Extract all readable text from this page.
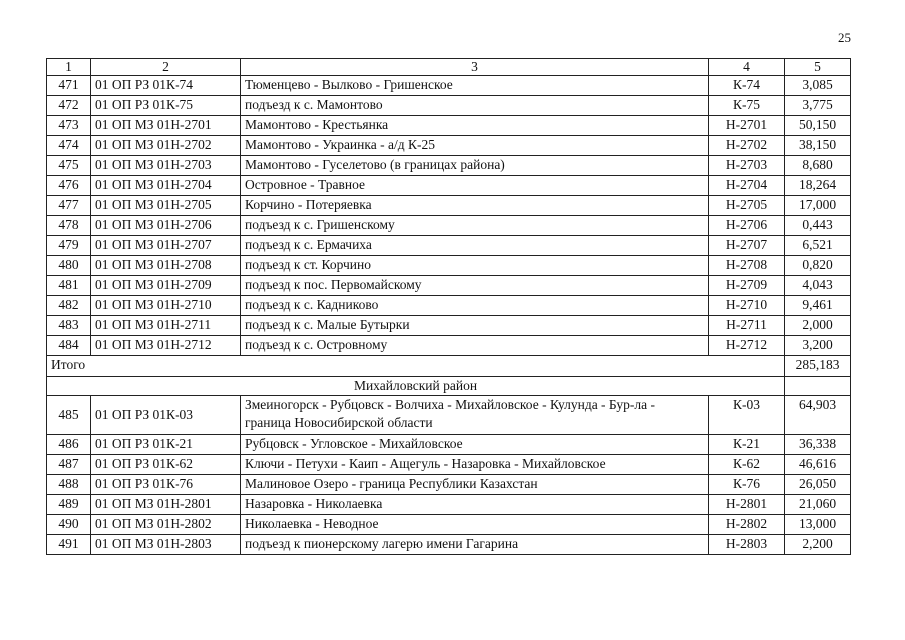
25
1	2	3	4	5
471	01 ОП РЗ 01К-74	Тюменцево - Вылково - Гришенское	К-74	3,085
472	01 ОП РЗ 01К-75	подъезд к с. Мамонтово	К-75	3,775
473	01 ОП МЗ 01Н-2701	Мамонтово - Крестьянка	Н-2701	50,150
474	01 ОП МЗ 01Н-2702	Мамонтово - Украинка - а/д К-25	Н-2702	38,150
475	01 ОП МЗ 01Н-2703	Мамонтово - Гуселетово (в границах района)	Н-2703	8,680
476	01 ОП МЗ 01Н-2704	Островное - Травное	Н-2704	18,264
477	01 ОП МЗ 01Н-2705	Корчино - Потеряевка	Н-2705	17,000
478	01 ОП МЗ 01Н-2706	подъезд к с. Гришенскому	Н-2706	0,443
479	01 ОП МЗ 01Н-2707	подъезд к с. Ермачиха	Н-2707	6,521
480	01 ОП МЗ 01Н-2708	подъезд к ст. Корчино	Н-2708	0,820
481	01 ОП МЗ 01Н-2709	подъезд к пос. Первомайскому	Н-2709	4,043
482	01 ОП МЗ 01Н-2710	подъезд к с. Кадниково	Н-2710	9,461
483	01 ОП МЗ 01Н-2711	подъезд к с. Малые Бутырки	Н-2711	2,000
484	01 ОП МЗ 01Н-2712	подъезд к с. Островному	Н-2712	3,200
Итого				285,183
Михайловский район				
485	01 ОП РЗ 01К-03	Змеиногорск - Рубцовск - Волчиха - Михайловское - Кулунда - Бур-ла - граница Новосибирской области	К-03	64,903
486	01 ОП РЗ 01К-21	Рубцовск - Угловское - Михайловское	К-21	36,338
487	01 ОП РЗ 01К-62	Ключи - Петухи - Каип - Ащегуль - Назаровка - Михайловское	К-62	46,616
488	01 ОП РЗ 01К-76	Малиновое Озеро - граница Республики Казахстан	К-76	26,050
489	01 ОП МЗ 01Н-2801	Назаровка - Николаевка	Н-2801	21,060
490	01 ОП МЗ 01Н-2802	Николаевка - Неводное	Н-2802	13,000
491	01 ОП МЗ 01Н-2803	подъезд к пионерскому лагерю имени Гагарина	Н-2803	2,200
